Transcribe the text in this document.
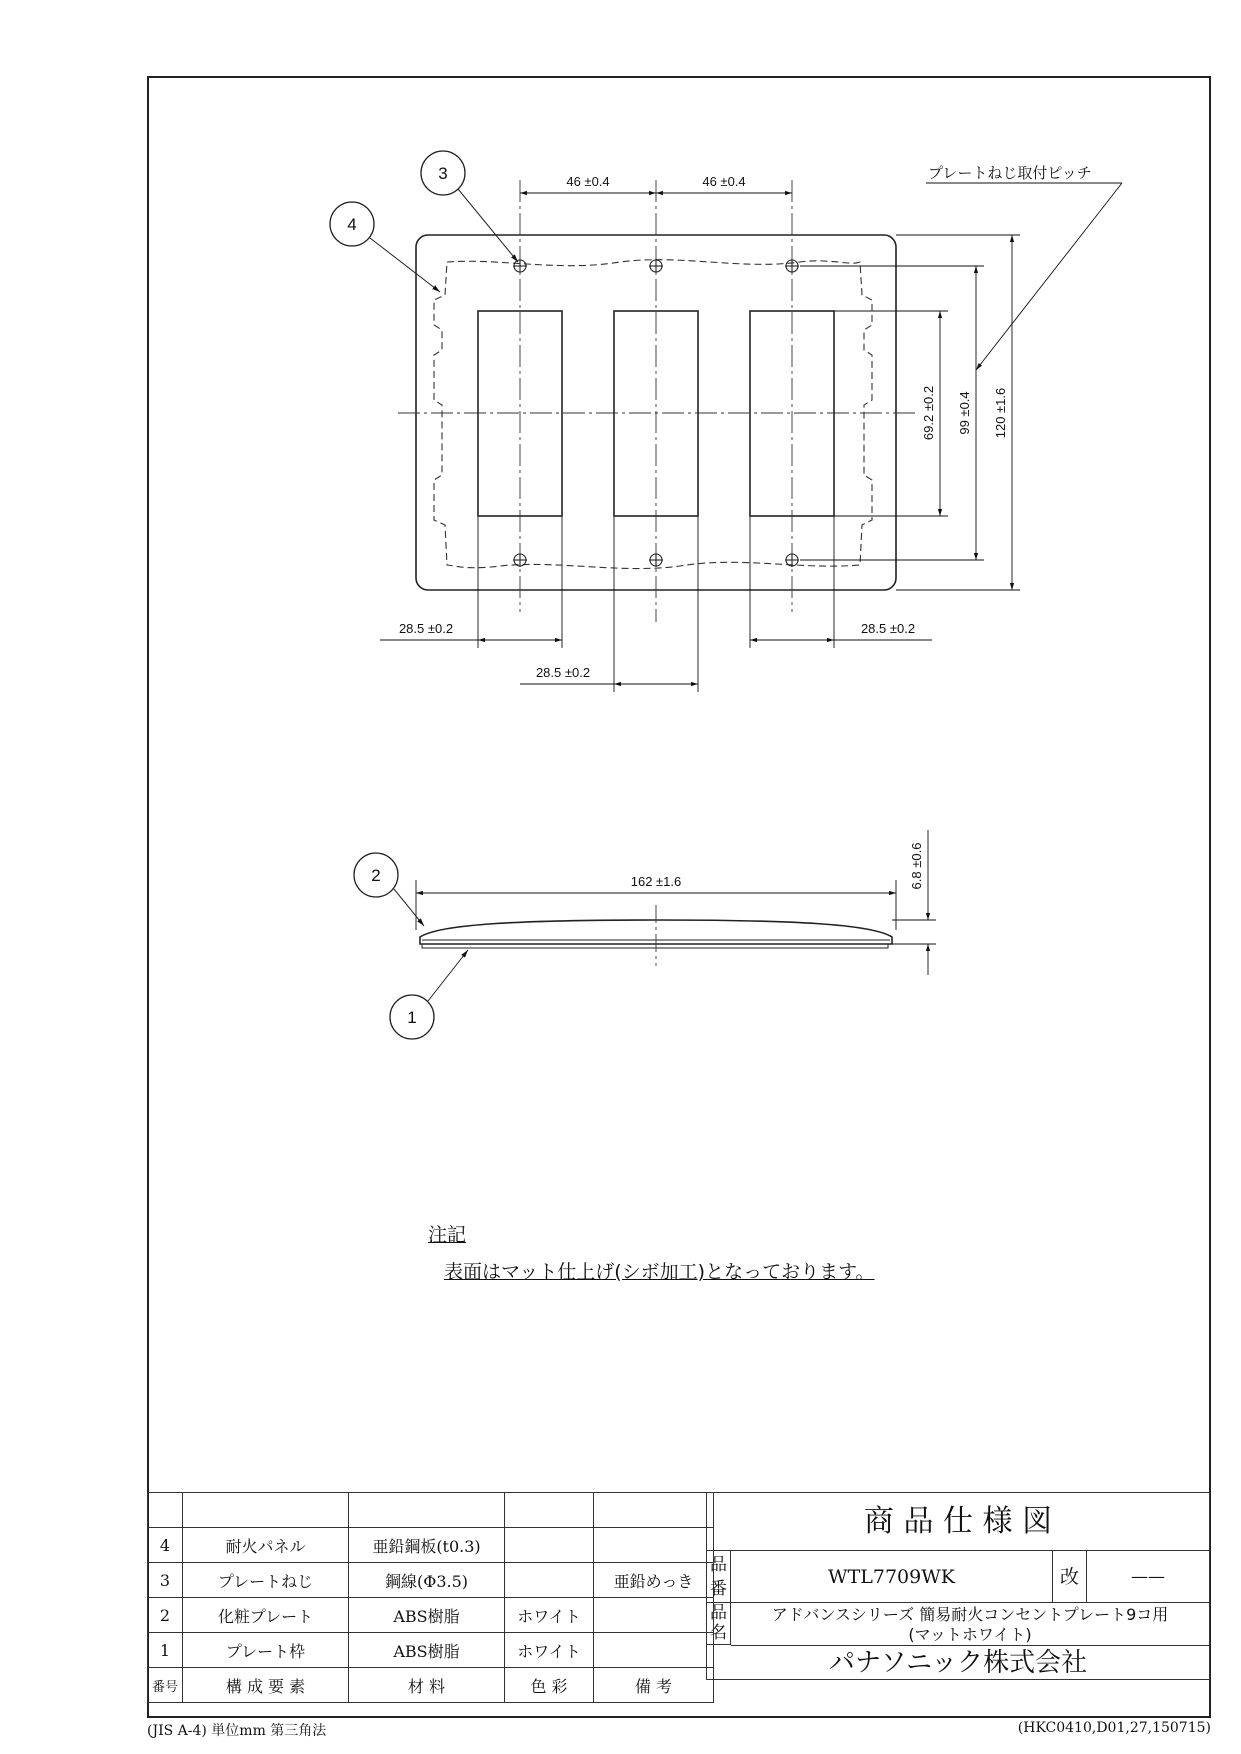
46 ±0.4	46 ±0.4
69.2 ±0.2 99 ±0.4 120 ±1.6
プレートねじ取付ピッチ
28.5 ±0.2	28.5 ±0.2
28.5 ±0.2
3
4
162 ±1.6	6.8 ±0.6
2
1
注記
表面はマット仕上げ(シボ加工)となっております。

4	耐火パネル	亜鉛鋼板(t0.3)		
3	プレートねじ	鋼線(Φ3.5)		亜鉛めっき
2	化粧プレート	ABS樹脂	ホワイト	
1	プレート枠	ABS樹脂	ホワイト	
番号	構 成 要 素	材 料	色 彩	備 考
商 品 仕 様 図
品番
WTL7709WK	改	——
品名
アドバンスシリーズ 簡易耐火コンセントプレート9コ用
(マットホワイト)
パナソニック株式会社
(JIS A-4) 単位mm 第三角法	(HKC0410,D01,27,150715)
